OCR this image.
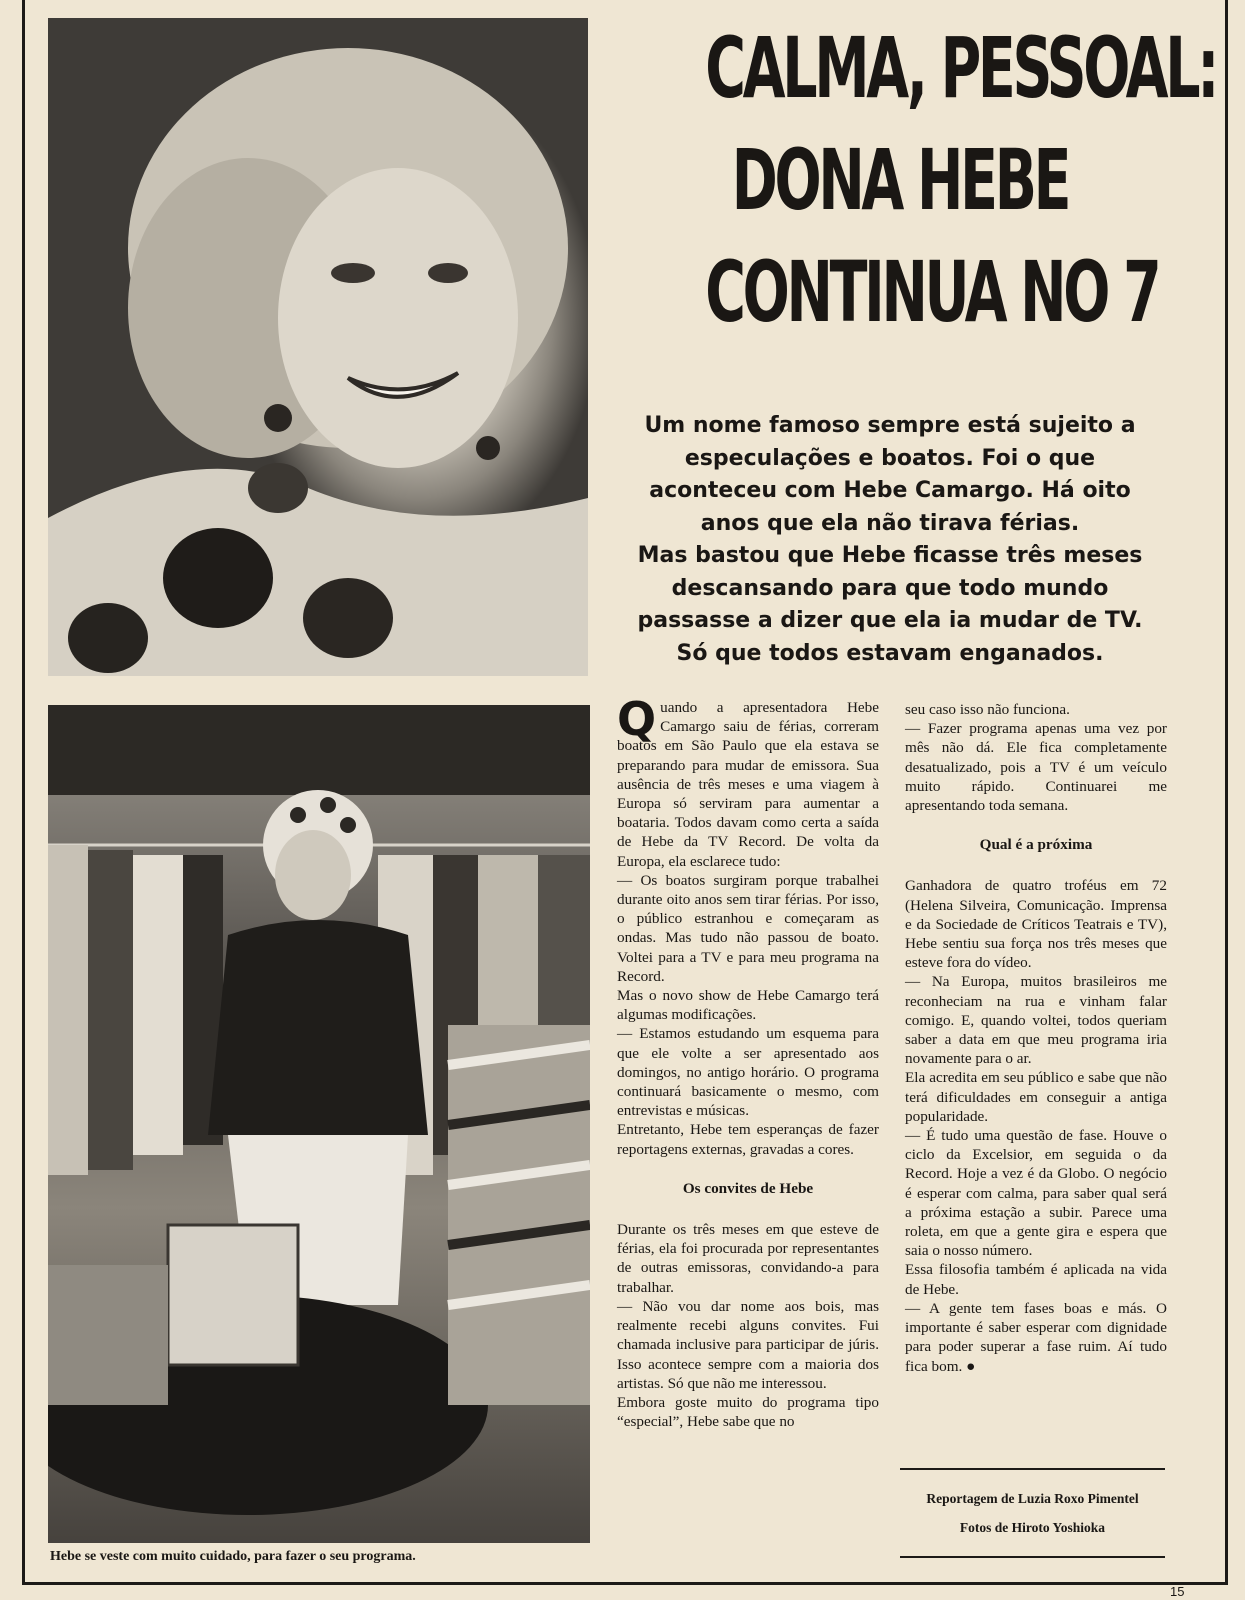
Hebe se veste com muito cuidado, para fazer o seu programa.
CALMA, PESSOAL:
DONA HEBE
CONTINUA NO 7
Um nome famoso sempre está sujeito a
especulações e boatos. Foi o que
aconteceu com Hebe Camargo. Há oito
anos que ela não tirava férias.
Mas bastou que Hebe ficasse três meses
descansando para que todo mundo
passasse a dizer que ela ia mudar de TV.
Só que todos estavam enganados.

Quando a apresentadora Hebe Camargo saiu de férias, correram boatos em São Paulo que ela estava se preparando para mudar de emissora. Sua ausência de três meses e uma viagem à Europa só serviram para aumentar a boataria. Todos davam como certa a saída de Hebe da TV Record. De volta da Europa, ela esclarece tudo:

— Os boatos surgiram porque trabalhei durante oito anos sem tirar férias. Por isso, o público estranhou e começaram as ondas. Mas tudo não passou de boato. Voltei para a TV e para meu programa na Record.

Mas o novo show de Hebe Camargo terá algumas modificações.

— Estamos estudando um esquema para que ele volte a ser apresentado aos domingos, no antigo horário. O programa continuará basicamente o mesmo, com entrevistas e músicas.

Entretanto, Hebe tem esperanças de fazer reportagens externas, gravadas a cores.

Os convites de Hebe

Durante os três meses em que esteve de férias, ela foi procurada por representantes de outras emissoras, convidando-a para trabalhar.

— Não vou dar nome aos bois, mas realmente recebi alguns convites. Fui chamada inclusive para participar de júris. Isso acontece sempre com a maioria dos artistas. Só que não me interessou.

Embora goste muito do programa tipo “especial”, Hebe sabe que no

seu caso isso não funciona.

— Fazer programa apenas uma vez por mês não dá. Ele fica completamente desatualizado, pois a TV é um veículo muito rápido. Continuarei me apresentando toda semana.

Qual é a próxima

Ganhadora de quatro troféus em 72 (Helena Silveira, Comunicação. Imprensa e da Sociedade de Críticos Teatrais e TV), Hebe sentiu sua força nos três meses que esteve fora do vídeo.

— Na Europa, muitos brasileiros me reconheciam na rua e vinham falar comigo. E, quando voltei, todos queriam saber a data em que meu programa iria novamente para o ar.

Ela acredita em seu público e sabe que não terá dificuldades em conseguir a antiga popularidade.

— É tudo uma questão de fase. Houve o ciclo da Excelsior, em seguida o da Record. Hoje a vez é da Globo. O negócio é esperar com calma, para saber qual será a próxima estação a subir. Parece uma roleta, em que a gente gira e espera que saia o nosso número.

Essa filosofia também é aplicada na vida de Hebe.

— A gente tem fases boas e más. O importante é saber esperar com dignidade para poder superar a fase ruim. Aí tudo fica bom. ●

Reportagem de Luzia Roxo Pimentel
Fotos de Hiroto Yoshioka
15
